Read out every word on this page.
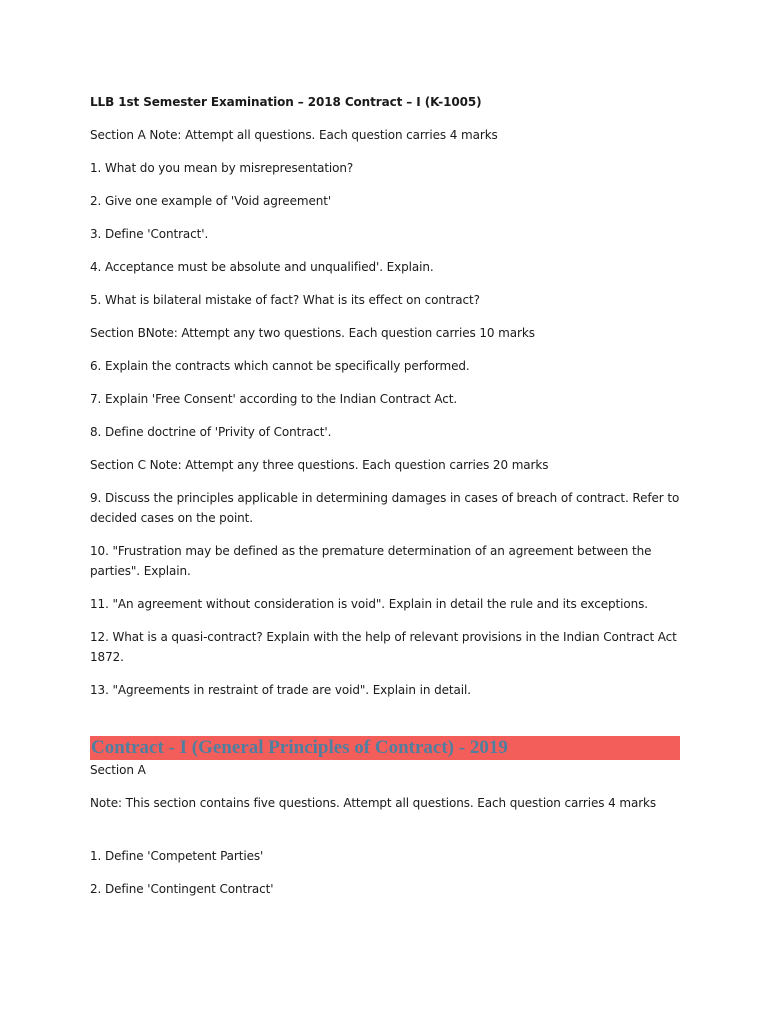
LLB 1st Semester Examination – 2018 Contract – I (K-1005)

Section A Note: Attempt all questions. Each question carries 4 marks

1. What do you mean by misrepresentation?

2. Give one example of 'Void agreement'

3. Define 'Contract'.

4. Acceptance must be absolute and unqualified'. Explain.

5. What is bilateral mistake of fact? What is its effect on contract?

Section BNote: Attempt any two questions. Each question carries 10 marks

6. Explain the contracts which cannot be specifically performed.

7. Explain 'Free Consent' according to the Indian Contract Act.

8. Define doctrine of 'Privity of Contract'.

Section C Note: Attempt any three questions. Each question carries 20 marks

9. Discuss the principles applicable in determining damages in cases of breach of contract. Refer to decided cases on the point.

10. "Frustration may be defined as the premature determination of an agreement between the parties". Explain.

11. "An agreement without consideration is void". Explain in detail the rule and its exceptions.

12. What is a quasi-contract? Explain with the help of relevant provisions in the Indian Contract Act 1872.

13. "Agreements in restraint of trade are void". Explain in detail.

Contract - I (General Principles of Contract) - 2019

Section A

Note: This section contains five questions. Attempt all questions. Each question carries 4 marks

1. Define 'Competent Parties'

2. Define 'Contingent Contract'
